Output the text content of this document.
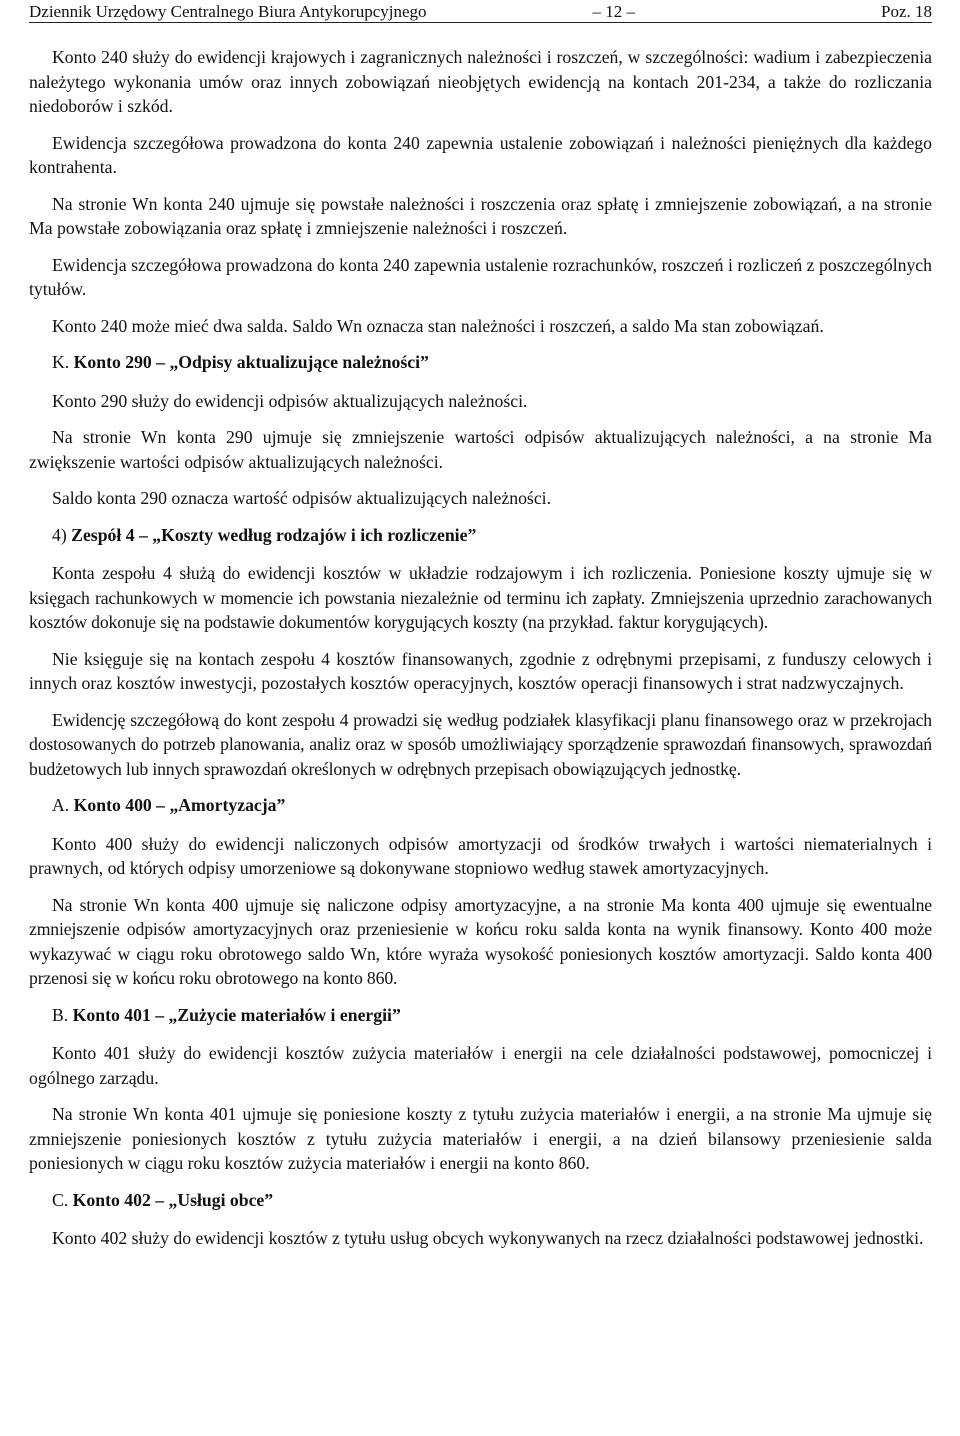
Dziennik Urzędowy Centralnego Biura Antykorupcyjnego	– 12 –	Poz. 18

Konto 240 służy do ewidencji krajowych i zagranicznych należności i roszczeń, w szczególności: wadium i zabezpieczenia należytego wykonania umów oraz innych zobowiązań nieobjętych ewidencją na kontach 201-234, a także do rozliczania niedoborów i szkód.

Ewidencja szczegółowa prowadzona do konta 240 zapewnia ustalenie zobowiązań i należności pieniężnych dla każdego kontrahenta.

Na stronie Wn konta 240 ujmuje się powstałe należności i roszczenia oraz spłatę i zmniejszenie zobowiązań, a na stronie Ma powstałe zobowiązania oraz spłatę i zmniejszenie należności i roszczeń.

Ewidencja szczegółowa prowadzona do konta 240 zapewnia ustalenie rozrachunków, roszczeń i rozliczeń z poszczególnych tytułów.

Konto 240 może mieć dwa salda. Saldo Wn oznacza stan należności i roszczeń, a saldo Ma stan zobowiązań.

K. Konto 290 – „Odpisy aktualizujące należności”

Konto 290 służy do ewidencji odpisów aktualizujących należności.

Na stronie Wn konta 290 ujmuje się zmniejszenie wartości odpisów aktualizujących należności, a na stronie Ma zwiększenie wartości odpisów aktualizujących należności.

Saldo konta 290 oznacza wartość odpisów aktualizujących należności.

4) Zespół 4 – „Koszty według rodzajów i ich rozliczenie”

Konta zespołu 4 służą do ewidencji kosztów w układzie rodzajowym i ich rozliczenia. Poniesione koszty ujmuje się w księgach rachunkowych w momencie ich powstania niezależnie od terminu ich zapłaty. Zmniejszenia uprzednio zarachowanych kosztów dokonuje się na podstawie dokumentów korygujących koszty (na przykład. faktur korygujących).

Nie księguje się na kontach zespołu 4 kosztów finansowanych, zgodnie z odrębnymi przepisami, z funduszy celowych i innych oraz kosztów inwestycji, pozostałych kosztów operacyjnych, kosztów operacji finansowych i strat nadzwyczajnych.

Ewidencję szczegółową do kont zespołu 4 prowadzi się według podziałek klasyfikacji planu finansowego oraz w przekrojach dostosowanych do potrzeb planowania, analiz oraz w sposób umożliwiający sporządzenie sprawozdań finansowych, sprawozdań budżetowych lub innych sprawozdań określonych w odrębnych przepisach obowiązujących jednostkę.

A. Konto 400 – „Amortyzacja”

Konto 400 służy do ewidencji naliczonych odpisów amortyzacji od środków trwałych i wartości niematerialnych i prawnych, od których odpisy umorzeniowe są dokonywane stopniowo według stawek amortyzacyjnych.

Na stronie Wn konta 400 ujmuje się naliczone odpisy amortyzacyjne, a na stronie Ma konta 400 ujmuje się ewentualne zmniejszenie odpisów amortyzacyjnych oraz przeniesienie w końcu roku salda konta na wynik finansowy. Konto 400 może wykazywać w ciągu roku obrotowego saldo Wn, które wyraża wysokość poniesionych kosztów amortyzacji. Saldo konta 400 przenosi się w końcu roku obrotowego na konto 860.

B. Konto 401 – „Zużycie materiałów i energii”

Konto 401 służy do ewidencji kosztów zużycia materiałów i energii na cele działalności podstawowej, pomocniczej i ogólnego zarządu.

Na stronie Wn konta 401 ujmuje się poniesione koszty z tytułu zużycia materiałów i energii, a na stronie Ma ujmuje się zmniejszenie poniesionych kosztów z tytułu zużycia materiałów i energii, a na dzień bilansowy przeniesienie salda poniesionych w ciągu roku kosztów zużycia materiałów i energii na konto 860.

C. Konto 402 – „Usługi obce”

Konto 402 służy do ewidencji kosztów z tytułu usług obcych wykonywanych na rzecz działalności podstawowej jednostki.
